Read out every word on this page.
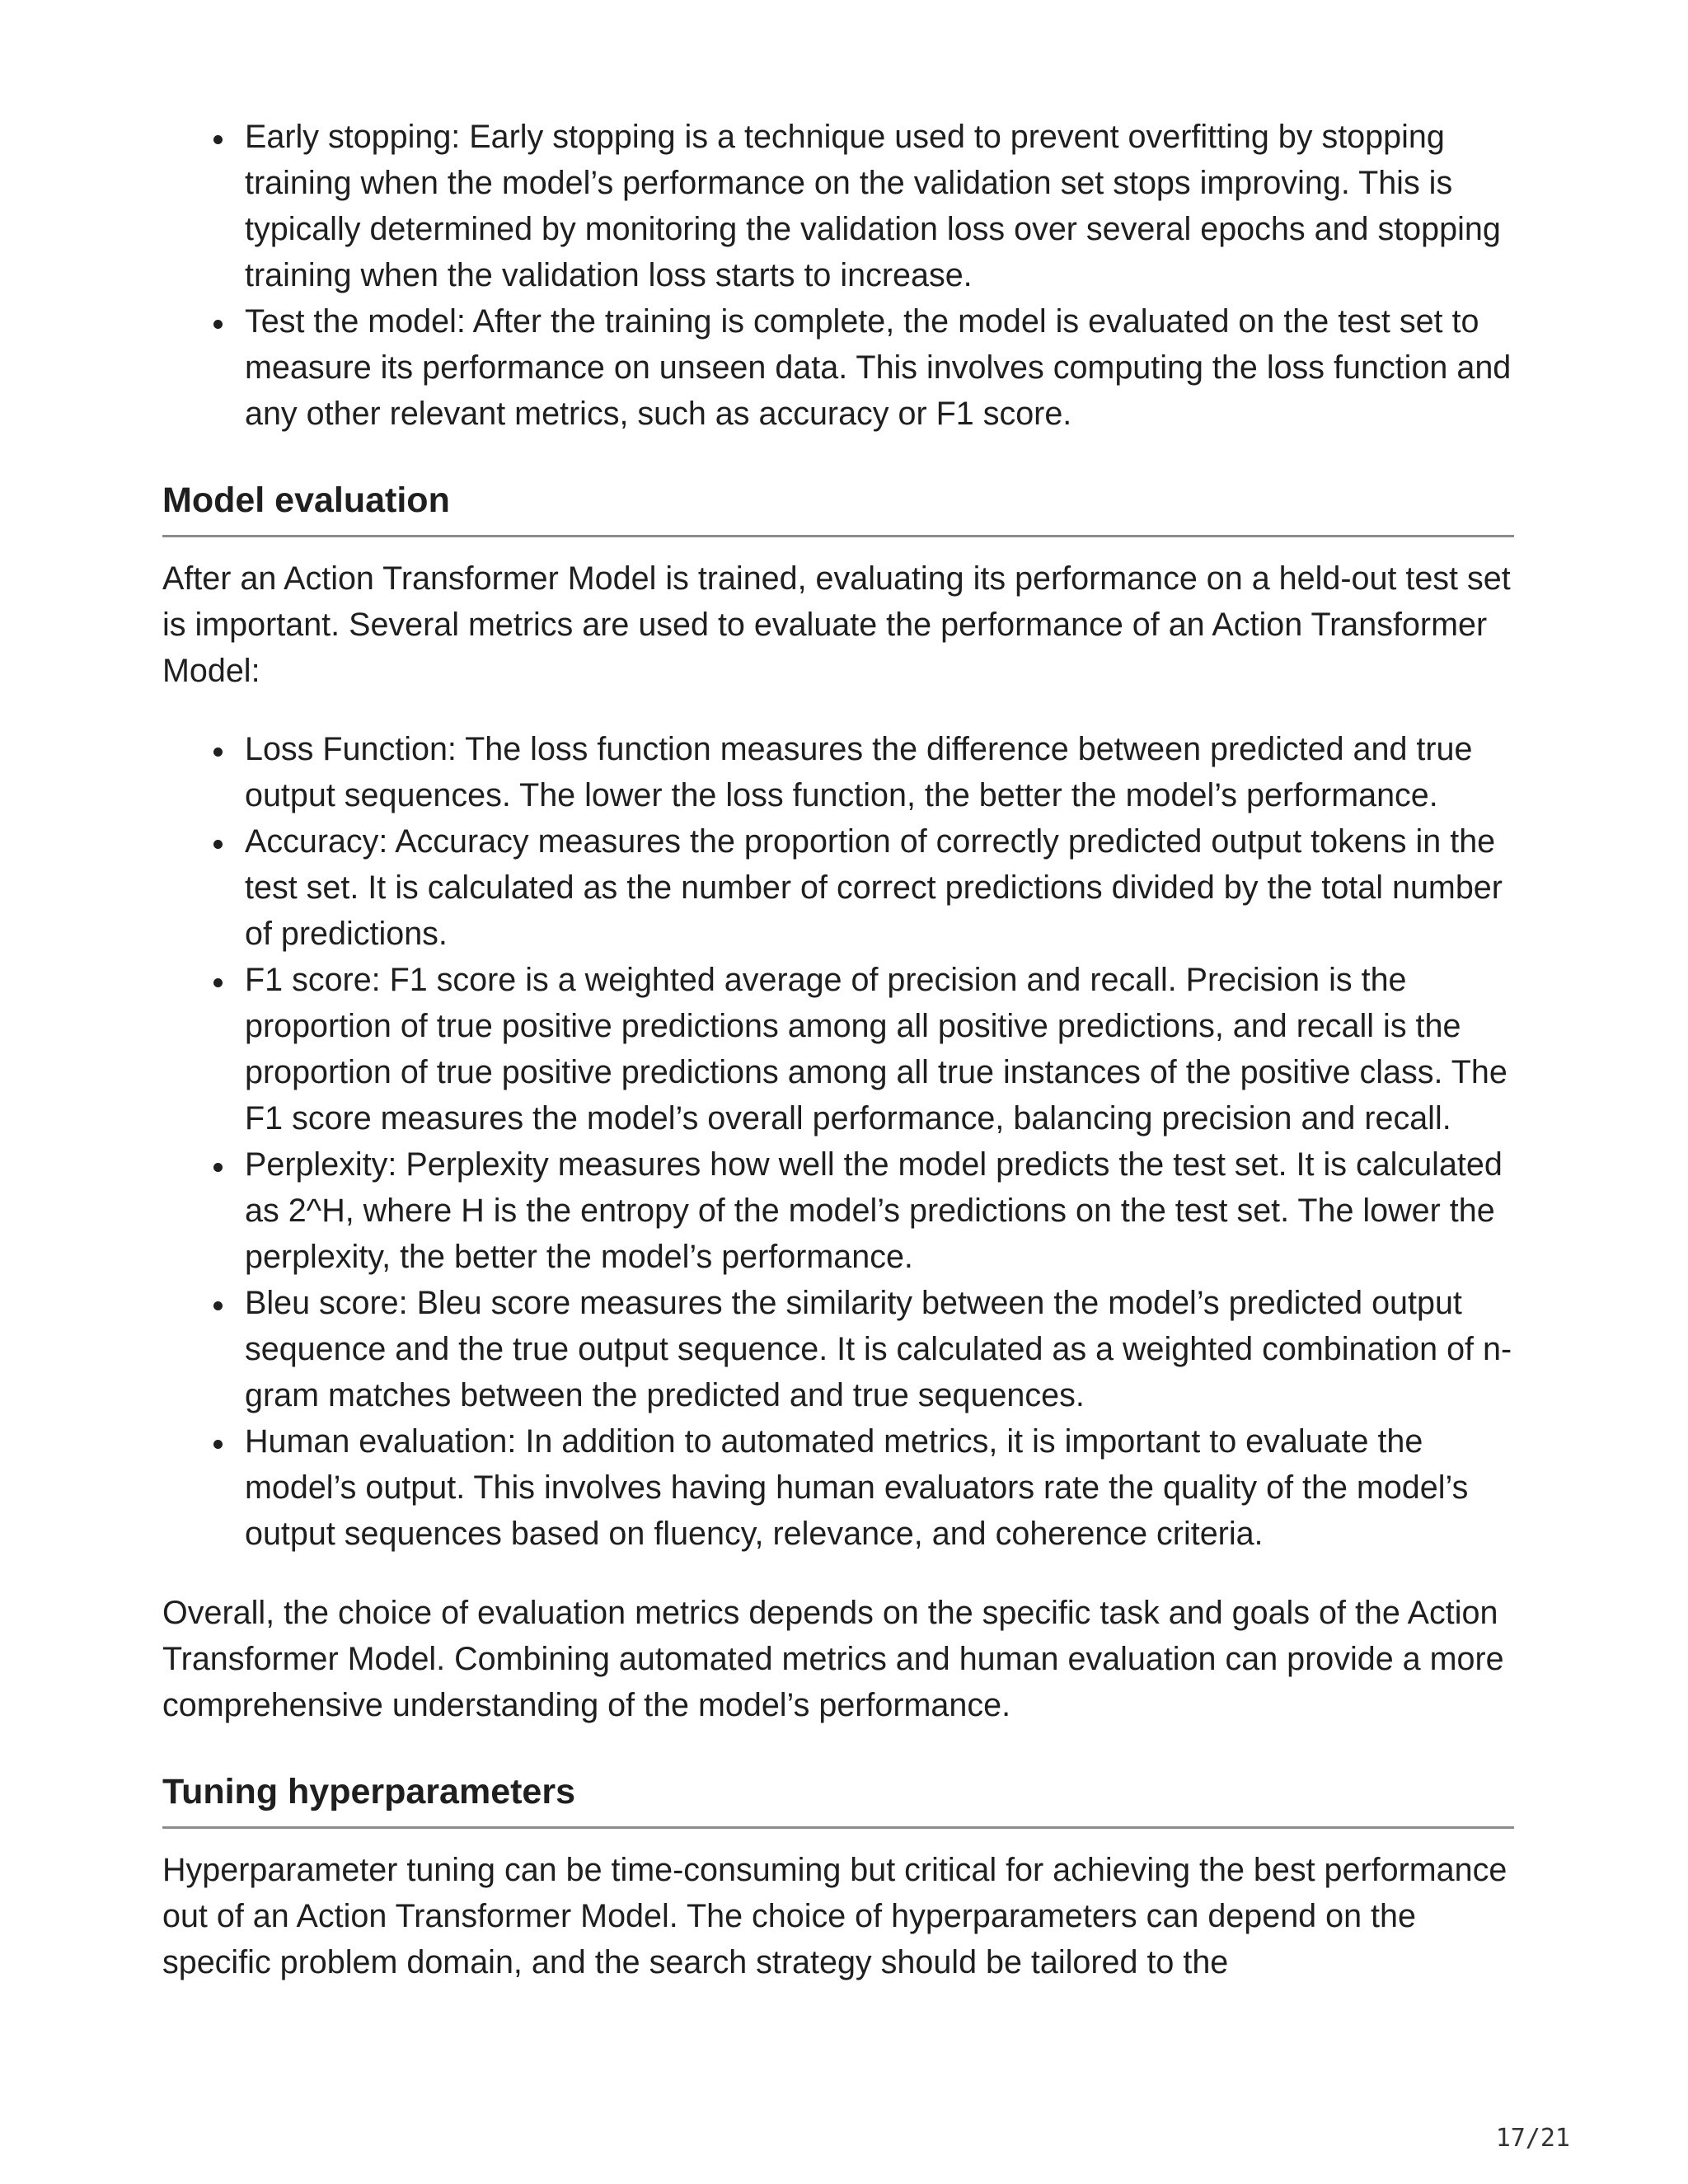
Early stopping: Early stopping is a technique used to prevent overfitting by stopping training when the model’s performance on the validation set stops improving. This is typically determined by monitoring the validation loss over several epochs and stopping training when the validation loss starts to increase.
Test the model: After the training is complete, the model is evaluated on the test set to measure its performance on unseen data. This involves computing the loss function and any other relevant metrics, such as accuracy or F1 score.
Model evaluation

After an Action Transformer Model is trained, evaluating its performance on a held-out test set is important. Several metrics are used to evaluate the performance of an Action Transformer Model:

Loss Function: The loss function measures the difference between predicted and true output sequences. The lower the loss function, the better the model’s performance.
Accuracy: Accuracy measures the proportion of correctly predicted output tokens in the test set. It is calculated as the number of correct predictions divided by the total number of predictions.
F1 score: F1 score is a weighted average of precision and recall. Precision is the proportion of true positive predictions among all positive predictions, and recall is the proportion of true positive predictions among all true instances of the positive class. The F1 score measures the model’s overall performance, balancing precision and recall.
Perplexity: Perplexity measures how well the model predicts the test set. It is calculated as 2^H, where H is the entropy of the model’s predictions on the test set. The lower the perplexity, the better the model’s performance.
Bleu score: Bleu score measures the similarity between the model’s predicted output sequence and the true output sequence. It is calculated as a weighted combination of n-gram matches between the predicted and true sequences.
Human evaluation: In addition to automated metrics, it is important to evaluate the model’s output. This involves having human evaluators rate the quality of the model’s output sequences based on fluency, relevance, and coherence criteria.

Overall, the choice of evaluation metrics depends on the specific task and goals of the Action Transformer Model. Combining automated metrics and human evaluation can provide a more comprehensive understanding of the model’s performance.

Tuning hyperparameters

Hyperparameter tuning can be time-consuming but critical for achieving the best performance out of an Action Transformer Model. The choice of hyperparameters can depend on the specific problem domain, and the search strategy should be tailored to the

17/21
